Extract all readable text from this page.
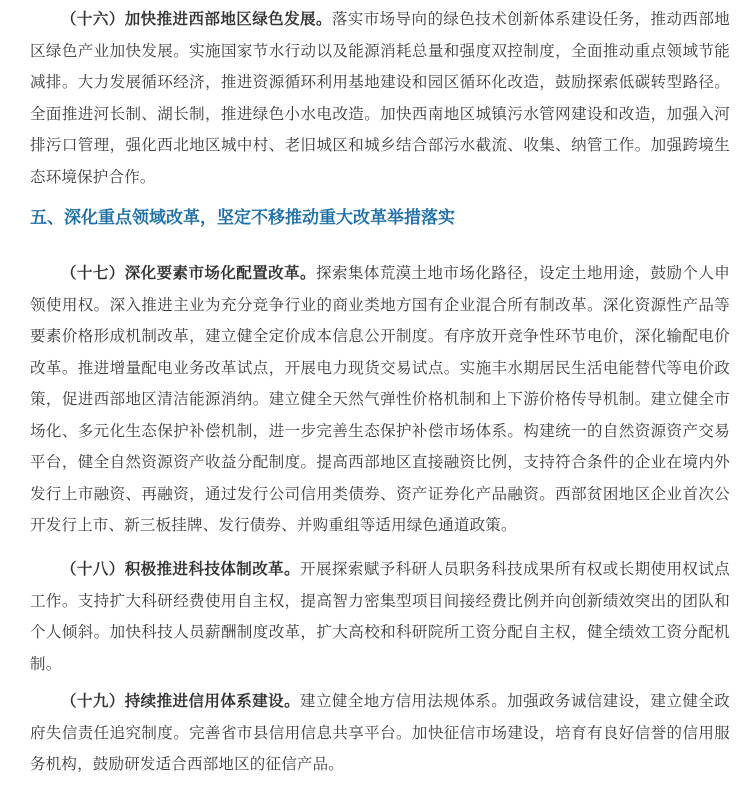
（十六）加快推进西部地区绿色发展。落实市场导向的绿色技术创新体系建设任务，推动西部地区绿色产业加快发展。实施国家节水行动以及能源消耗总量和强度双控制度，全面推动重点领域节能减排。大力发展循环经济，推进资源循环利用基地建设和园区循环化改造，鼓励探索低碳转型路径。全面推进河长制、湖长制，推进绿色小水电改造。加快西南地区城镇污水管网建设和改造，加强入河排污口管理，强化西北地区城中村、老旧城区和城乡结合部污水截流、收集、纳管工作。加强跨境生态环境保护合作。

五、深化重点领域改革，坚定不移推动重大改革举措落实

（十七）深化要素市场化配置改革。探索集体荒漠土地市场化路径，设定土地用途，鼓励个人申领使用权。深入推进主业为充分竞争行业的商业类地方国有企业混合所有制改革。深化资源性产品等要素价格形成机制改革，建立健全定价成本信息公开制度。有序放开竞争性环节电价，深化输配电价改革。推进增量配电业务改革试点，开展电力现货交易试点。实施丰水期居民生活电能替代等电价政策，促进西部地区清洁能源消纳。建立健全天然气弹性价格机制和上下游价格传导机制。建立健全市场化、多元化生态保护补偿机制，进一步完善生态保护补偿市场体系。构建统一的自然资源资产交易平台，健全自然资源资产收益分配制度。提高西部地区直接融资比例，支持符合条件的企业在境内外发行上市融资、再融资，通过发行公司信用类债券、资产证券化产品融资。西部贫困地区企业首次公开发行上市、新三板挂牌、发行债券、并购重组等适用绿色通道政策。

（十八）积极推进科技体制改革。开展探索赋予科研人员职务科技成果所有权或长期使用权试点工作。支持扩大科研经费使用自主权，提高智力密集型项目间接经费比例并向创新绩效突出的团队和个人倾斜。加快科技人员薪酬制度改革，扩大高校和科研院所工资分配自主权，健全绩效工资分配机制。

（十九）持续推进信用体系建设。建立健全地方信用法规体系。加强政务诚信建设，建立健全政府失信责任追究制度。完善省市县信用信息共享平台。加快征信市场建设，培育有良好信誉的信用服务机构，鼓励研发适合西部地区的征信产品。
